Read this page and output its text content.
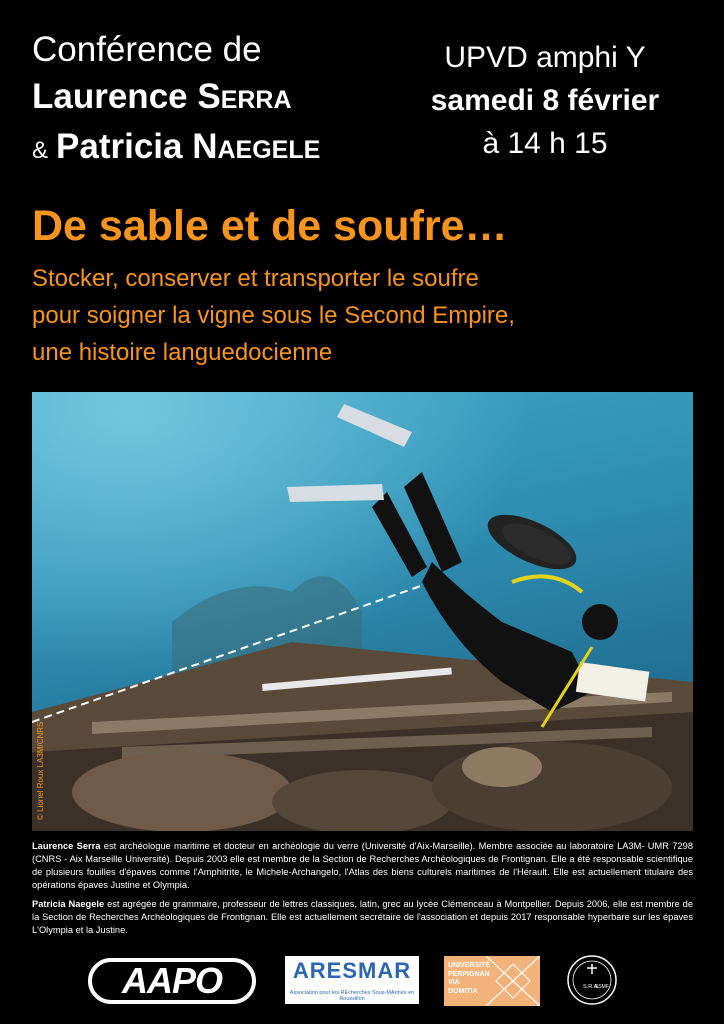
Conférence de
Laurence Serra
& Patricia Naegele
UPVD amphi Y
samedi 8 février
à 14 h 15
De sable et de soufre…
Stocker, conserver et transporter le soufre
pour soigner la vigne sous le Second Empire,
une histoire languedocienne
© Lionel Roux LA3M/CNRS

Laurence Serra est archéologue maritime et docteur en archéologie du verre (Université d'Aix-Marseille). Membre associée au laboratoire LA3M- UMR 7298 (CNRS - Aix Marseille Université). Depuis 2003 elle est membre de la Section de Recherches Archéologiques de Frontignan. Elle a été responsable scientifique de plusieurs fouilles d'épaves comme l'Amphitrite, le Michele-Archangelo, l'Atlas des biens culturels maritimes de l'Hérault. Elle est actuellement titulaire des opérations épaves Justine et Olympia.

Patricia Naegele est agrégée de grammaire, professeur de lettres classiques, latin, grec au lycée Clémenceau à Montpellier. Depuis 2006, elle est membre de la Section de Recherches Archéologiques de Frontignan. Elle est actuellement secrétaire de l'association et depuis 2017 responsable hyperbare sur les épaves L'Olympia et la Justine.

AAPO	ARESMAR
Association pour les REcherches Sous-MArines en Roussillon
UNIVERSITÉ
PERPIGNAN
VIA
DOMITIA
S.R.A.
SSMF
